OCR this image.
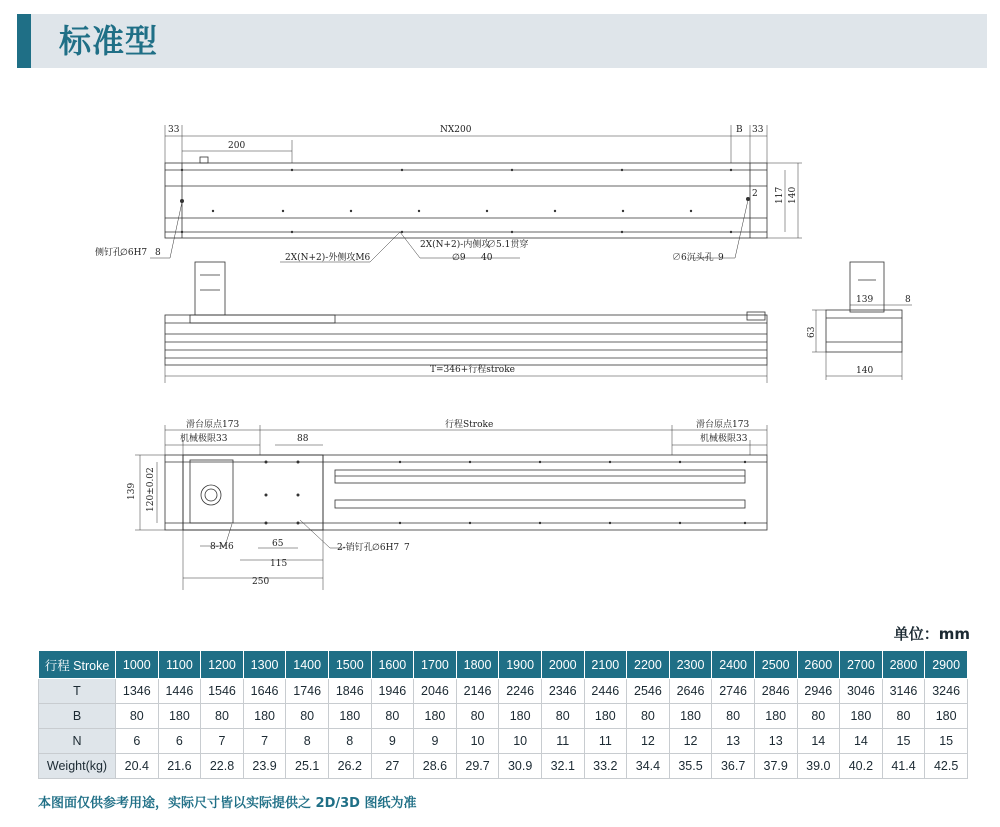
标准型
33	NX200	B 33
200
117 140
2
侧钉孔
∅6H7 8	2X(N+2)-外侧攻M6
2X(N+2)-内侧攻
∅5.1贯穿
∅9 40	∅6沉头孔 9
T=346+行程stroke
139	8
63
140
滑台原点173
机械极限33
行程Stroke	滑台原点173
机械极限33
88
139 120±0.02
8-M6	65	2-销钉孔 ∅6H7 7
115
250
单位：mm
行程 Stroke	1000	1100	1200	1300	1400	1500	1600	1700	1800	1900	2000	2100	2200	2300	2400	2500	2600	2700	2800	2900
T	1346	1446	1546	1646	1746	1846	1946	2046	2146	2246	2346	2446	2546	2646	2746	2846	2946	3046	3146	3246
B	80	180	80	180	80	180	80	180	80	180	80	180	80	180	80	180	80	180	80	180
N	6	6	7	7	8	8	9	9	10	10	11	11	12	12	13	13	14	14	15	15
Weight(kg)	20.4	21.6	22.8	23.9	25.1	26.2	27	28.6	29.7	30.9	32.1	33.2	34.4	35.5	36.7	37.9	39.0	40.2	41.4	42.5
本图面仅供参考用途，实际尺寸皆以实际提供之 2D/3D 图纸为准
